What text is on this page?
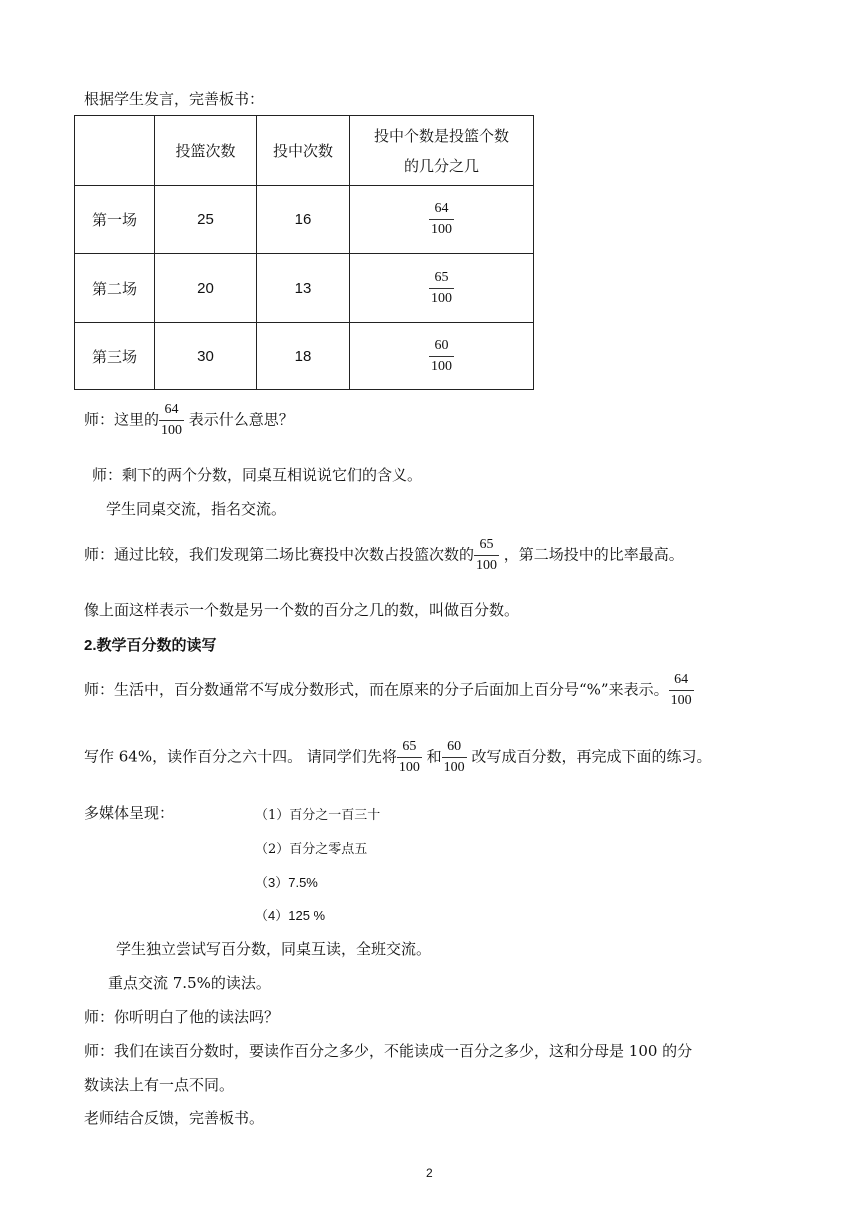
根据学生发言，完善板书：
	投篮次数	投中次数	投中个数是投篮个数
的几分之几

第一场	25	16	$\frac{64}{100}$

第二场	20	13	$\frac{65}{100}$

第三场	30	18	$\frac{60}{100}$
师：这里的 $\frac{64}{100}$ 表示什么意思？
师：剩下的两个分数，同桌互相说说它们的含义。
学生同桌交流，指名交流。
师：通过比较，我们发现第二场比赛投中次数占投篮次数的 $\frac{65}{100}$ ，第二场投中的比率最高。
像上面这样表示一个数是另一个数的百分之几的数，叫做百分数。
2.教学百分数的读写
师：生活中，百分数通常不写成分数形式，而在原来的分子后面加上百分号“%”来表示。 $\frac{64}{100}$
写作 64%，读作百分之六十四。 请同学们先将 $\frac{65}{100}$ 和 $\frac{60}{100}$ 改写成百分数，再完成下面的练习。
多媒体呈现：	（1）百分之一百三十
（2）百分之零点五
（3）7.5%
（4）125 %
学生独立尝试写百分数，同桌互读，全班交流。
重点交流 7.5%的读法。
师：你听明白了他的读法吗？
师：我们在读百分数时，要读作百分之多少，不能读成一百分之多少，这和分母是 100 的分
数读法上有一点不同。
老师结合反馈，完善板书。
2
